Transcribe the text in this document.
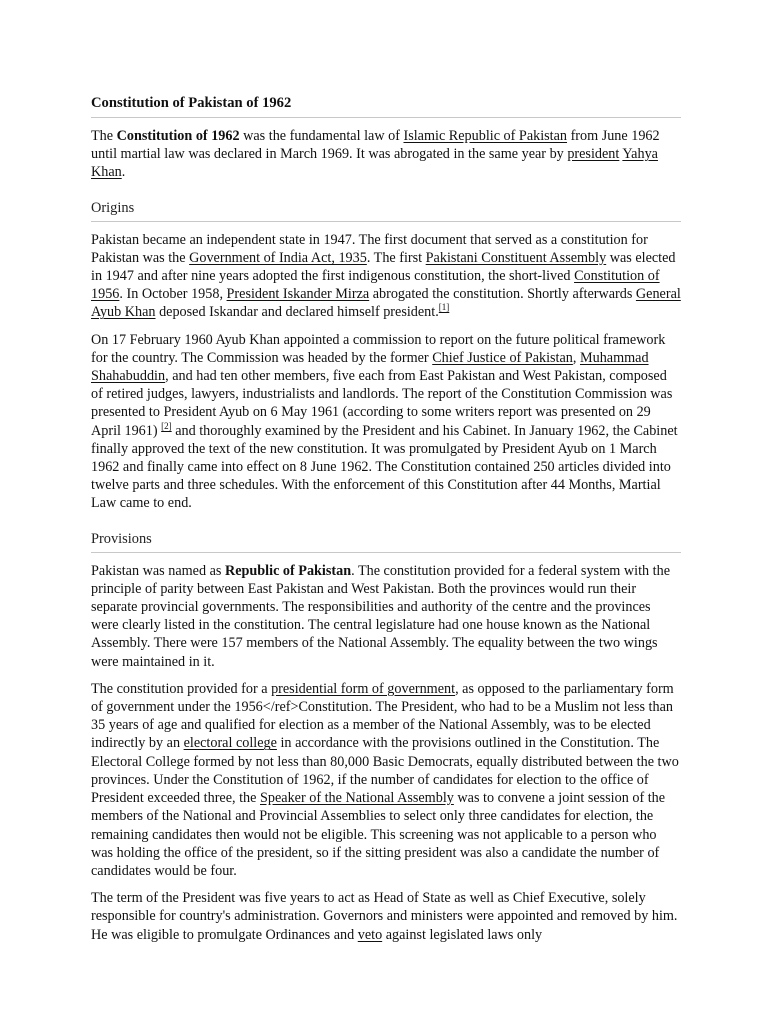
Constitution of Pakistan of 1962

The Constitution of 1962 was the fundamental law of Islamic Republic of Pakistan from June 1962 until martial law was declared in March 1969. It was abrogated in the same year by president Yahya Khan.

Origins

Pakistan became an independent state in 1947. The first document that served as a constitution for Pakistan was the Government of India Act, 1935. The first Pakistani Constituent Assembly was elected in 1947 and after nine years adopted the first indigenous constitution, the short-lived Constitution of 1956. In October 1958, President Iskander Mirza abrogated the constitution. Shortly afterwards General Ayub Khan deposed Iskandar and declared himself president.[1]

On 17 February 1960 Ayub Khan appointed a commission to report on the future political framework for the country. The Commission was headed by the former Chief Justice of Pakistan, Muhammad Shahabuddin, and had ten other members, five each from East Pakistan and West Pakistan, composed of retired judges, lawyers, industrialists and landlords. The report of the Constitution Commission was presented to President Ayub on 6 May 1961 (according to some writers report was presented on 29 April 1961) [2] and thoroughly examined by the President and his Cabinet. In January 1962, the Cabinet finally approved the text of the new constitution. It was promulgated by President Ayub on 1 March 1962 and finally came into effect on 8 June 1962. The Constitution contained 250 articles divided into twelve parts and three schedules. With the enforcement of this Constitution after 44 Months, Martial Law came to end.

Provisions

Pakistan was named as Republic of Pakistan. The constitution provided for a federal system with the principle of parity between East Pakistan and West Pakistan. Both the provinces would run their separate provincial governments. The responsibilities and authority of the centre and the provinces were clearly listed in the constitution. The central legislature had one house known as the National Assembly. There were 157 members of the National Assembly. The equality between the two wings were maintained in it.

The constitution provided for a presidential form of government, as opposed to the parliamentary form of government under the 1956</ref>Constitution. The President, who had to be a Muslim not less than 35 years of age and qualified for election as a member of the National Assembly, was to be elected indirectly by an electoral college in accordance with the provisions outlined in the Constitution. The Electoral College formed by not less than 80,000 Basic Democrats, equally distributed between the two provinces. Under the Constitution of 1962, if the number of candidates for election to the office of President exceeded three, the Speaker of the National Assembly was to convene a joint session of the members of the National and Provincial Assemblies to select only three candidates for election, the remaining candidates then would not be eligible. This screening was not applicable to a person who was holding the office of the president, so if the sitting president was also a candidate the number of candidates would be four.

The term of the President was five years to act as Head of State as well as Chief Executive, solely responsible for country's administration. Governors and ministers were appointed and removed by him. He was eligible to promulgate Ordinances and veto against legislated laws only
